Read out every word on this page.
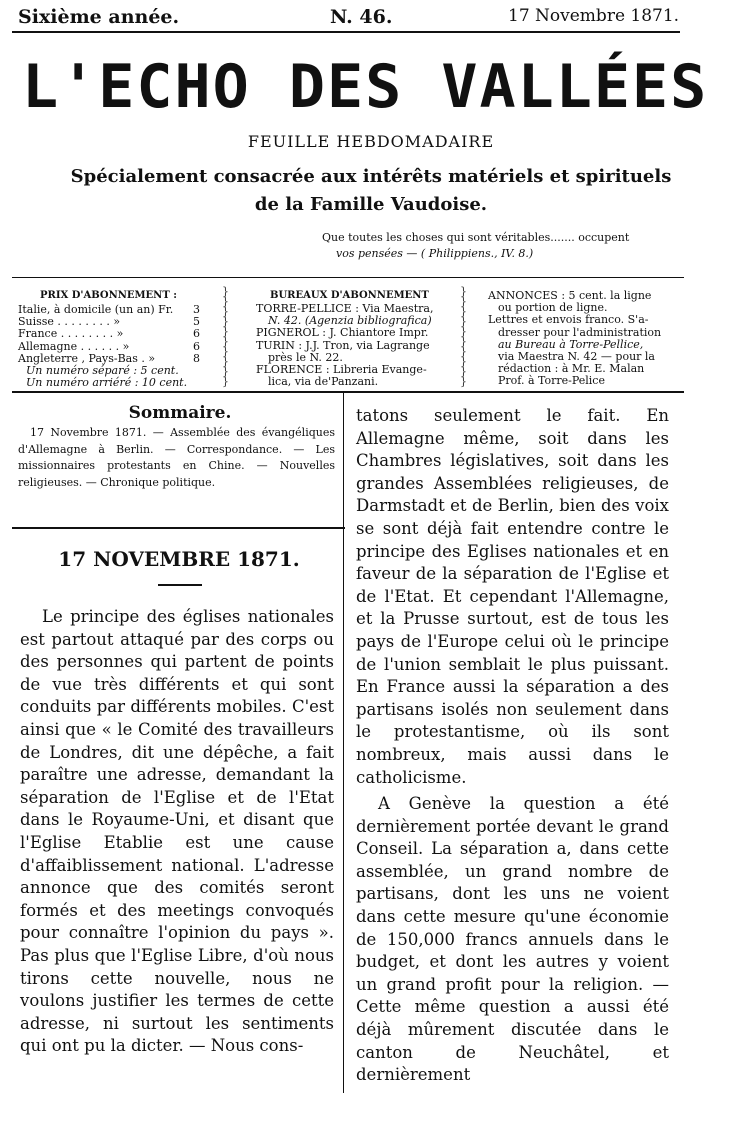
Sixième année.	N. 46.	17 Novembre 1871.
L'ECHO DES VALLÉES
FEUILLE HEBDOMADAIRE
Spécialement consacrée aux intérêts matériels et spirituels
de la Famille Vaudoise.
Que toutes les choses qui sont véritables....... occupent
vos pensées — ( Philippiens., IV. 8.)
PRIX D'ABONNEMENT :
Italie, à domicile (un an) Fr. 3
Suisse . . . . . . . . »	5
France . . . . . . . . »	6
Allemagne . . . . . . »	6
Angleterre , Pays-Bas . »	8
Un numéro séparé : 5 cent.
Un numéro arriéré : 10 cent.
}
}
}
}
}
}
}
}
}
}
BUREAUX D'ABONNEMENT
TORRE-PELLICE : Via Maestra,
N. 42. (Agenzia bibliografica)
PIGNEROL : J. Chiantore Impr.
TURIN : J.J. Tron, via Lagrange
près le N. 22.
FLORENCE : Libreria Evange-
lica, via de'Panzani.
}
}
}
}
}
}
}
}
}
}
ANNONCES : 5 cent. la ligne
ou portion de ligne.
Lettres et envois franco. S'a-
dresser pour l'administration
au Bureau à Torre-Pellice,
via Maestra N. 42 — pour la
rédaction : à Mr. E. Malan
Prof. à Torre-Pelice
Sommaire.
17 Novembre 1871. — Assemblée des évangéliques d'Allemagne à Berlin. — Correspondance. — Les missionnaires protestants en Chine. — Nouvelles religieuses. — Chronique politique.
17 NOVEMBRE 1871.

Le principe des églises nationales est partout attaqué par des corps ou des personnes qui partent de points de vue très différents et qui sont conduits par différents mobiles. C'est ainsi que « le Comité des travailleurs de Londres, dit une dépêche, a fait paraître une adresse, demandant la séparation de l'Eglise et de l'Etat dans le Royaume-Uni, et disant que l'Eglise Etablie est une cause d'affaiblissement national. L'adresse annonce que des comités seront formés et des meetings convoqués pour connaître l'opinion du pays ». Pas plus que l'Eglise Libre, d'où nous tirons cette nouvelle, nous ne voulons justifier les termes de cette adresse, ni surtout les sentiments qui ont pu la dicter. — Nous cons-

tatons seulement le fait. En Allemagne même, soit dans les Chambres législatives, soit dans les grandes Assemblées religieuses, de Darmstadt et de Berlin, bien des voix se sont déjà fait entendre contre le principe des Eglises nationales et en faveur de la séparation de l'Eglise et de l'Etat. Et cependant l'Allemagne, et la Prusse surtout, est de tous les pays de l'Europe celui où le principe de l'union semblait le plus puissant. En France aussi la séparation a des partisans isolés non seulement dans le protestantisme, où ils sont nombreux, mais aussi dans le catholicisme.

A Genève la question a été dernièrement portée devant le grand Conseil. La séparation a, dans cette assemblée, un grand nombre de partisans, dont les uns ne voient dans cette mesure qu'une économie de 150,000 francs annuels dans le budget, et dont les autres y voient un grand profit pour la religion. — Cette même question a aussi été déjà mûrement discutée dans le canton de Neuchâtel, et dernièrement
